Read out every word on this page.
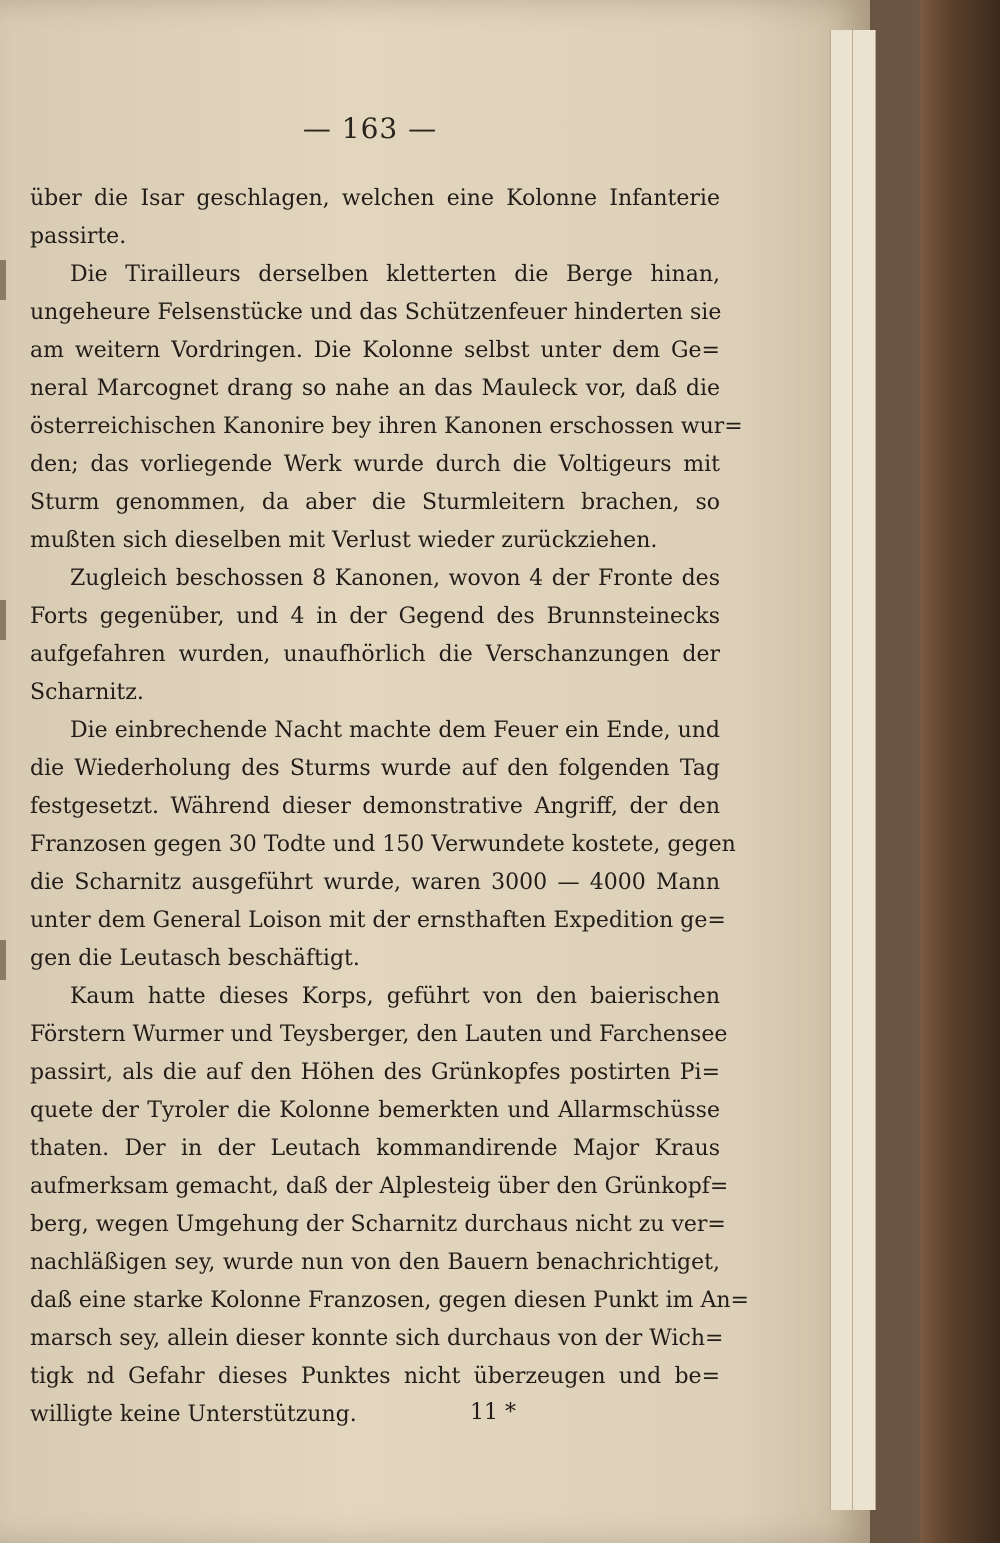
— 163 —
über die Isar geschlagen, welchen eine Kolonne Infanterie
passirte.
Die Tirailleurs derselben kletterten die Berge hinan,
ungeheure Felsenstücke und das Schützenfeuer hinderten sie
am weitern Vordringen. Die Kolonne selbst unter dem Ge=
neral Marcognet drang so nahe an das Mauleck vor, daß die
österreichischen Kanonire bey ihren Kanonen erschossen wur=
den; das vorliegende Werk wurde durch die Voltigeurs mit
Sturm genommen, da aber die Sturmleitern brachen, so
mußten sich dieselben mit Verlust wieder zurückziehen.
Zugleich beschossen 8 Kanonen, wovon 4 der Fronte des
Forts gegenüber, und 4 in der Gegend des Brunnsteinecks
aufgefahren wurden, unaufhörlich die Verschanzungen der
Scharnitz.
Die einbrechende Nacht machte dem Feuer ein Ende, und
die Wiederholung des Sturms wurde auf den folgenden Tag
festgesetzt. Während dieser demonstrative Angriff, der den
Franzosen gegen 30 Todte und 150 Verwundete kostete, gegen
die Scharnitz ausgeführt wurde, waren 3000 — 4000 Mann
unter dem General Loison mit der ernsthaften Expedition ge=
gen die Leutasch beschäftigt.
Kaum hatte dieses Korps, geführt von den baierischen
Förstern Wurmer und Teysberger, den Lauten und Farchensee
passirt, als die auf den Höhen des Grünkopfes postirten Pi=
quete der Tyroler die Kolonne bemerkten und Allarmschüsse
thaten. Der in der Leutach kommandirende Major Kraus
aufmerksam gemacht, daß der Alplesteig über den Grünkopf=
berg, wegen Umgehung der Scharnitz durchaus nicht zu ver=
nachläßigen sey, wurde nun von den Bauern benachrichtiget,
daß eine starke Kolonne Franzosen, gegen diesen Punkt im An=
marsch sey, allein dieser konnte sich durchaus von der Wich=
tigk nd Gefahr dieses Punktes nicht überzeugen und be=
willigte keine Unterstützung.	11 *
